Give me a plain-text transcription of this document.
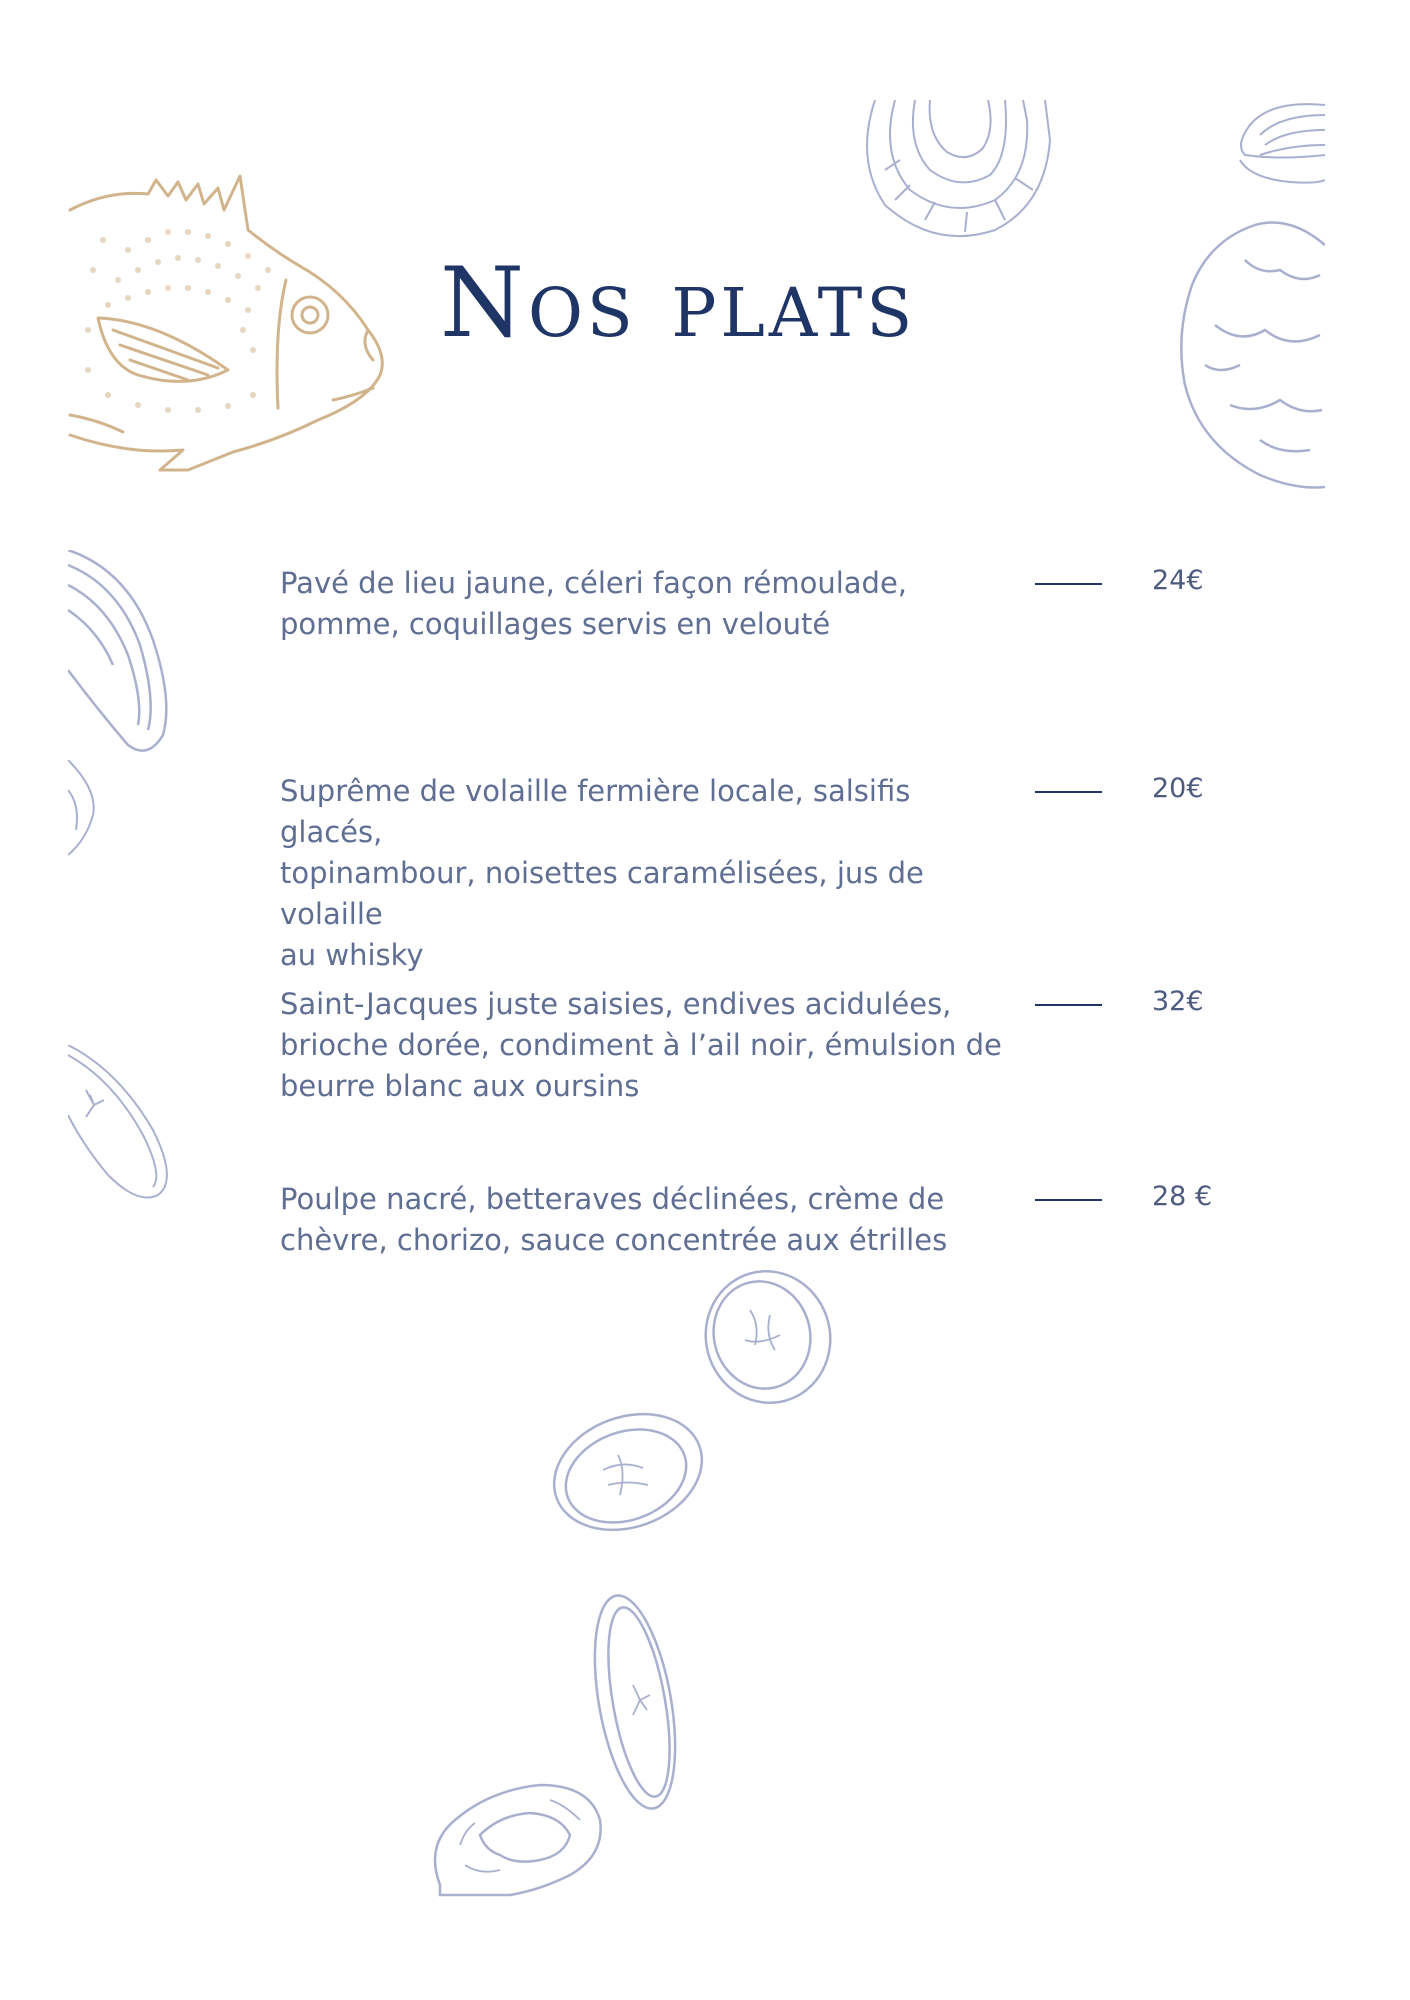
Nos plats
Pavé de lieu jaune, céleri façon rémoulade,
pomme, coquillages servis en velouté
24€
Suprême de volaille fermière locale, salsifis glacés,
topinambour, noisettes caramélisées, jus de volaille
au whisky
20€
Saint-Jacques juste saisies, endives acidulées,
brioche dorée, condiment à l’ail noir, émulsion de
beurre blanc aux oursins
32€
Poulpe nacré, betteraves déclinées, crème de
chèvre, chorizo, sauce concentrée aux étrilles
28 €
